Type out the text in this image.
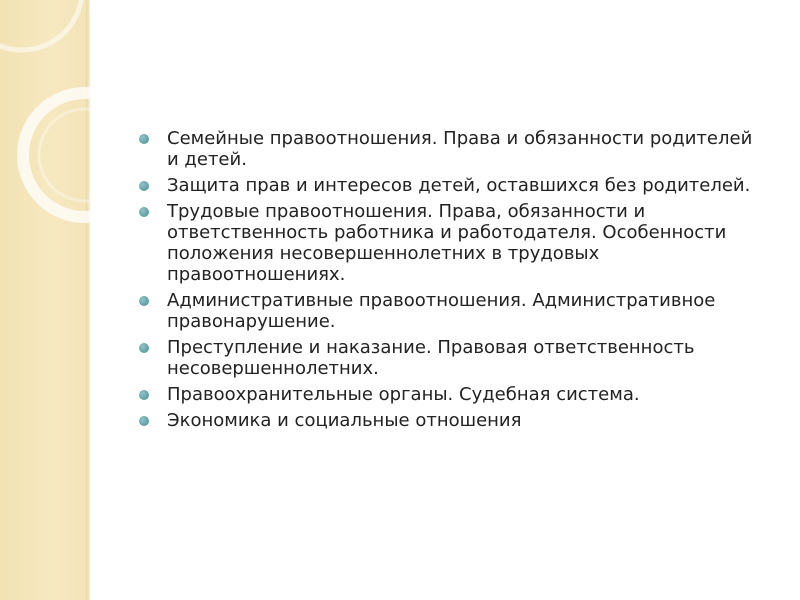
Семейные правоотношения. Права и обязанности родителей и детей.
Защита прав и интересов детей, оставшихся без родителей.
Трудовые правоотношения. Права, обязанности и ответственность работника и работодателя. Особенности положения несовершеннолетних в трудовых правоотношениях.
Административные правоотношения. Административное правонарушение.
Преступление и наказание. Правовая ответственность несовершеннолетних.
Правоохранительные органы. Судебная система.
Экономика и социальные отношения
